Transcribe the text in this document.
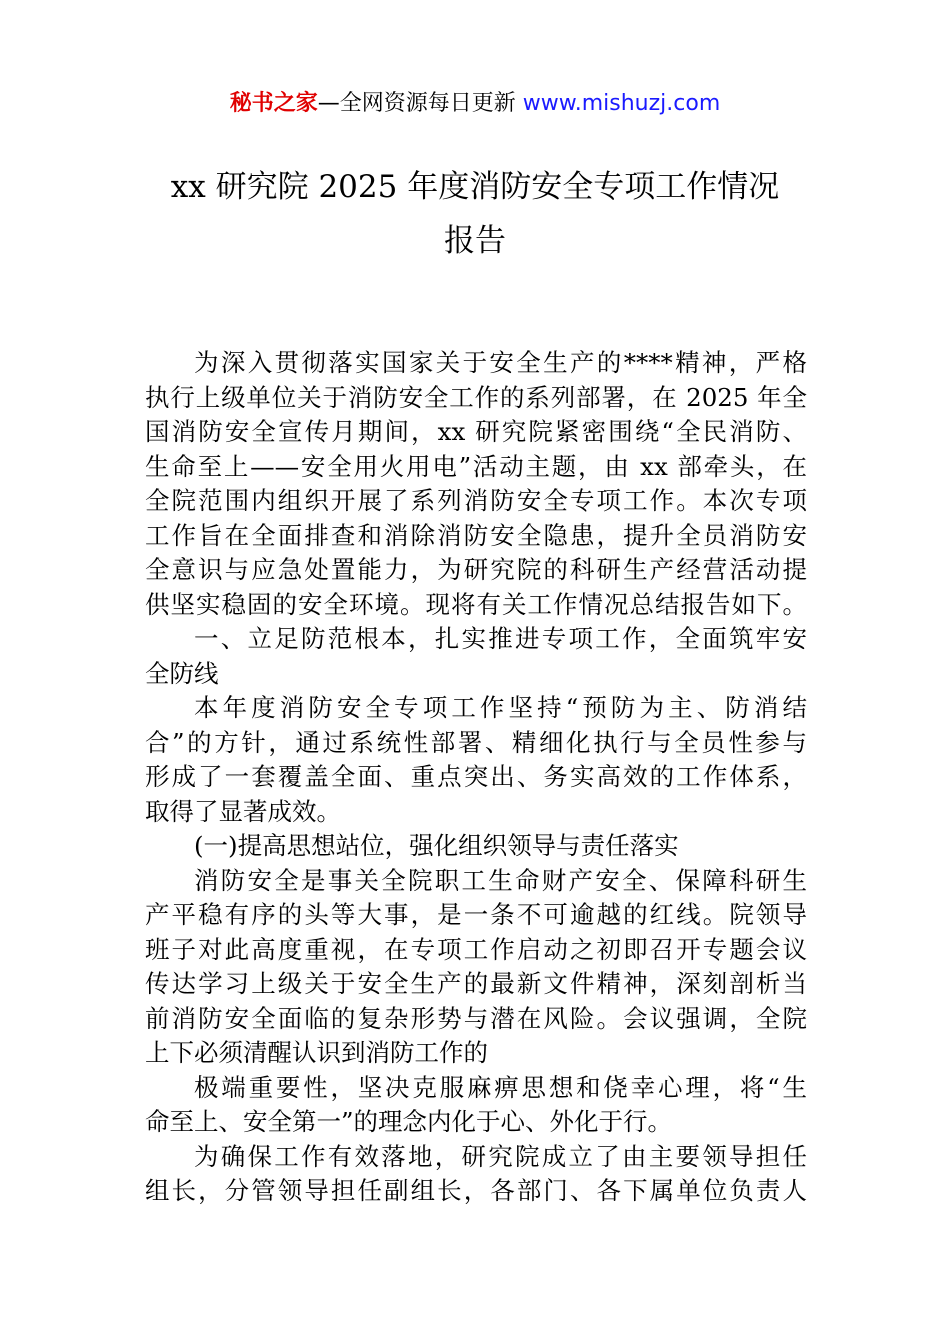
秘书之家—全网资源每日更新 www.mishuzj.com
xx 研究院 2025 年度消防安全专项工作情况
报告
为深入贯彻落实国家关于安全生产的****精神，严格
执行上级单位关于消防安全工作的系列部署，在 2025 年全
国消防安全宣传月期间，xx 研究院紧密围绕“全民消防、
生命至上——安全用火用电”活动主题，由 xx 部牵头，在
全院范围内组织开展了系列消防安全专项工作。本次专项
工作旨在全面排查和消除消防安全隐患，提升全员消防安
全意识与应急处置能力，为研究院的科研生产经营活动提
供坚实稳固的安全环境。现将有关工作情况总结报告如下。
一、立足防范根本，扎实推进专项工作，全面筑牢安
全防线
本年度消防安全专项工作坚持“预防为主、防消结
合”的方针，通过系统性部署、精细化执行与全员性参与
形成了一套覆盖全面、重点突出、务实高效的工作体系，
取得了显著成效。
(一)提高思想站位，强化组织领导与责任落实
消防安全是事关全院职工生命财产安全、保障科研生
产平稳有序的头等大事，是一条不可逾越的红线。院领导
班子对此高度重视，在专项工作启动之初即召开专题会议
传达学习上级关于安全生产的最新文件精神，深刻剖析当
前消防安全面临的复杂形势与潜在风险。会议强调，全院
上下必须清醒认识到消防工作的
极端重要性，坚决克服麻痹思想和侥幸心理，将“生
命至上、安全第一”的理念内化于心、外化于行。
为确保工作有效落地，研究院成立了由主要领导担任
组长，分管领导担任副组长，各部门、各下属单位负责人
